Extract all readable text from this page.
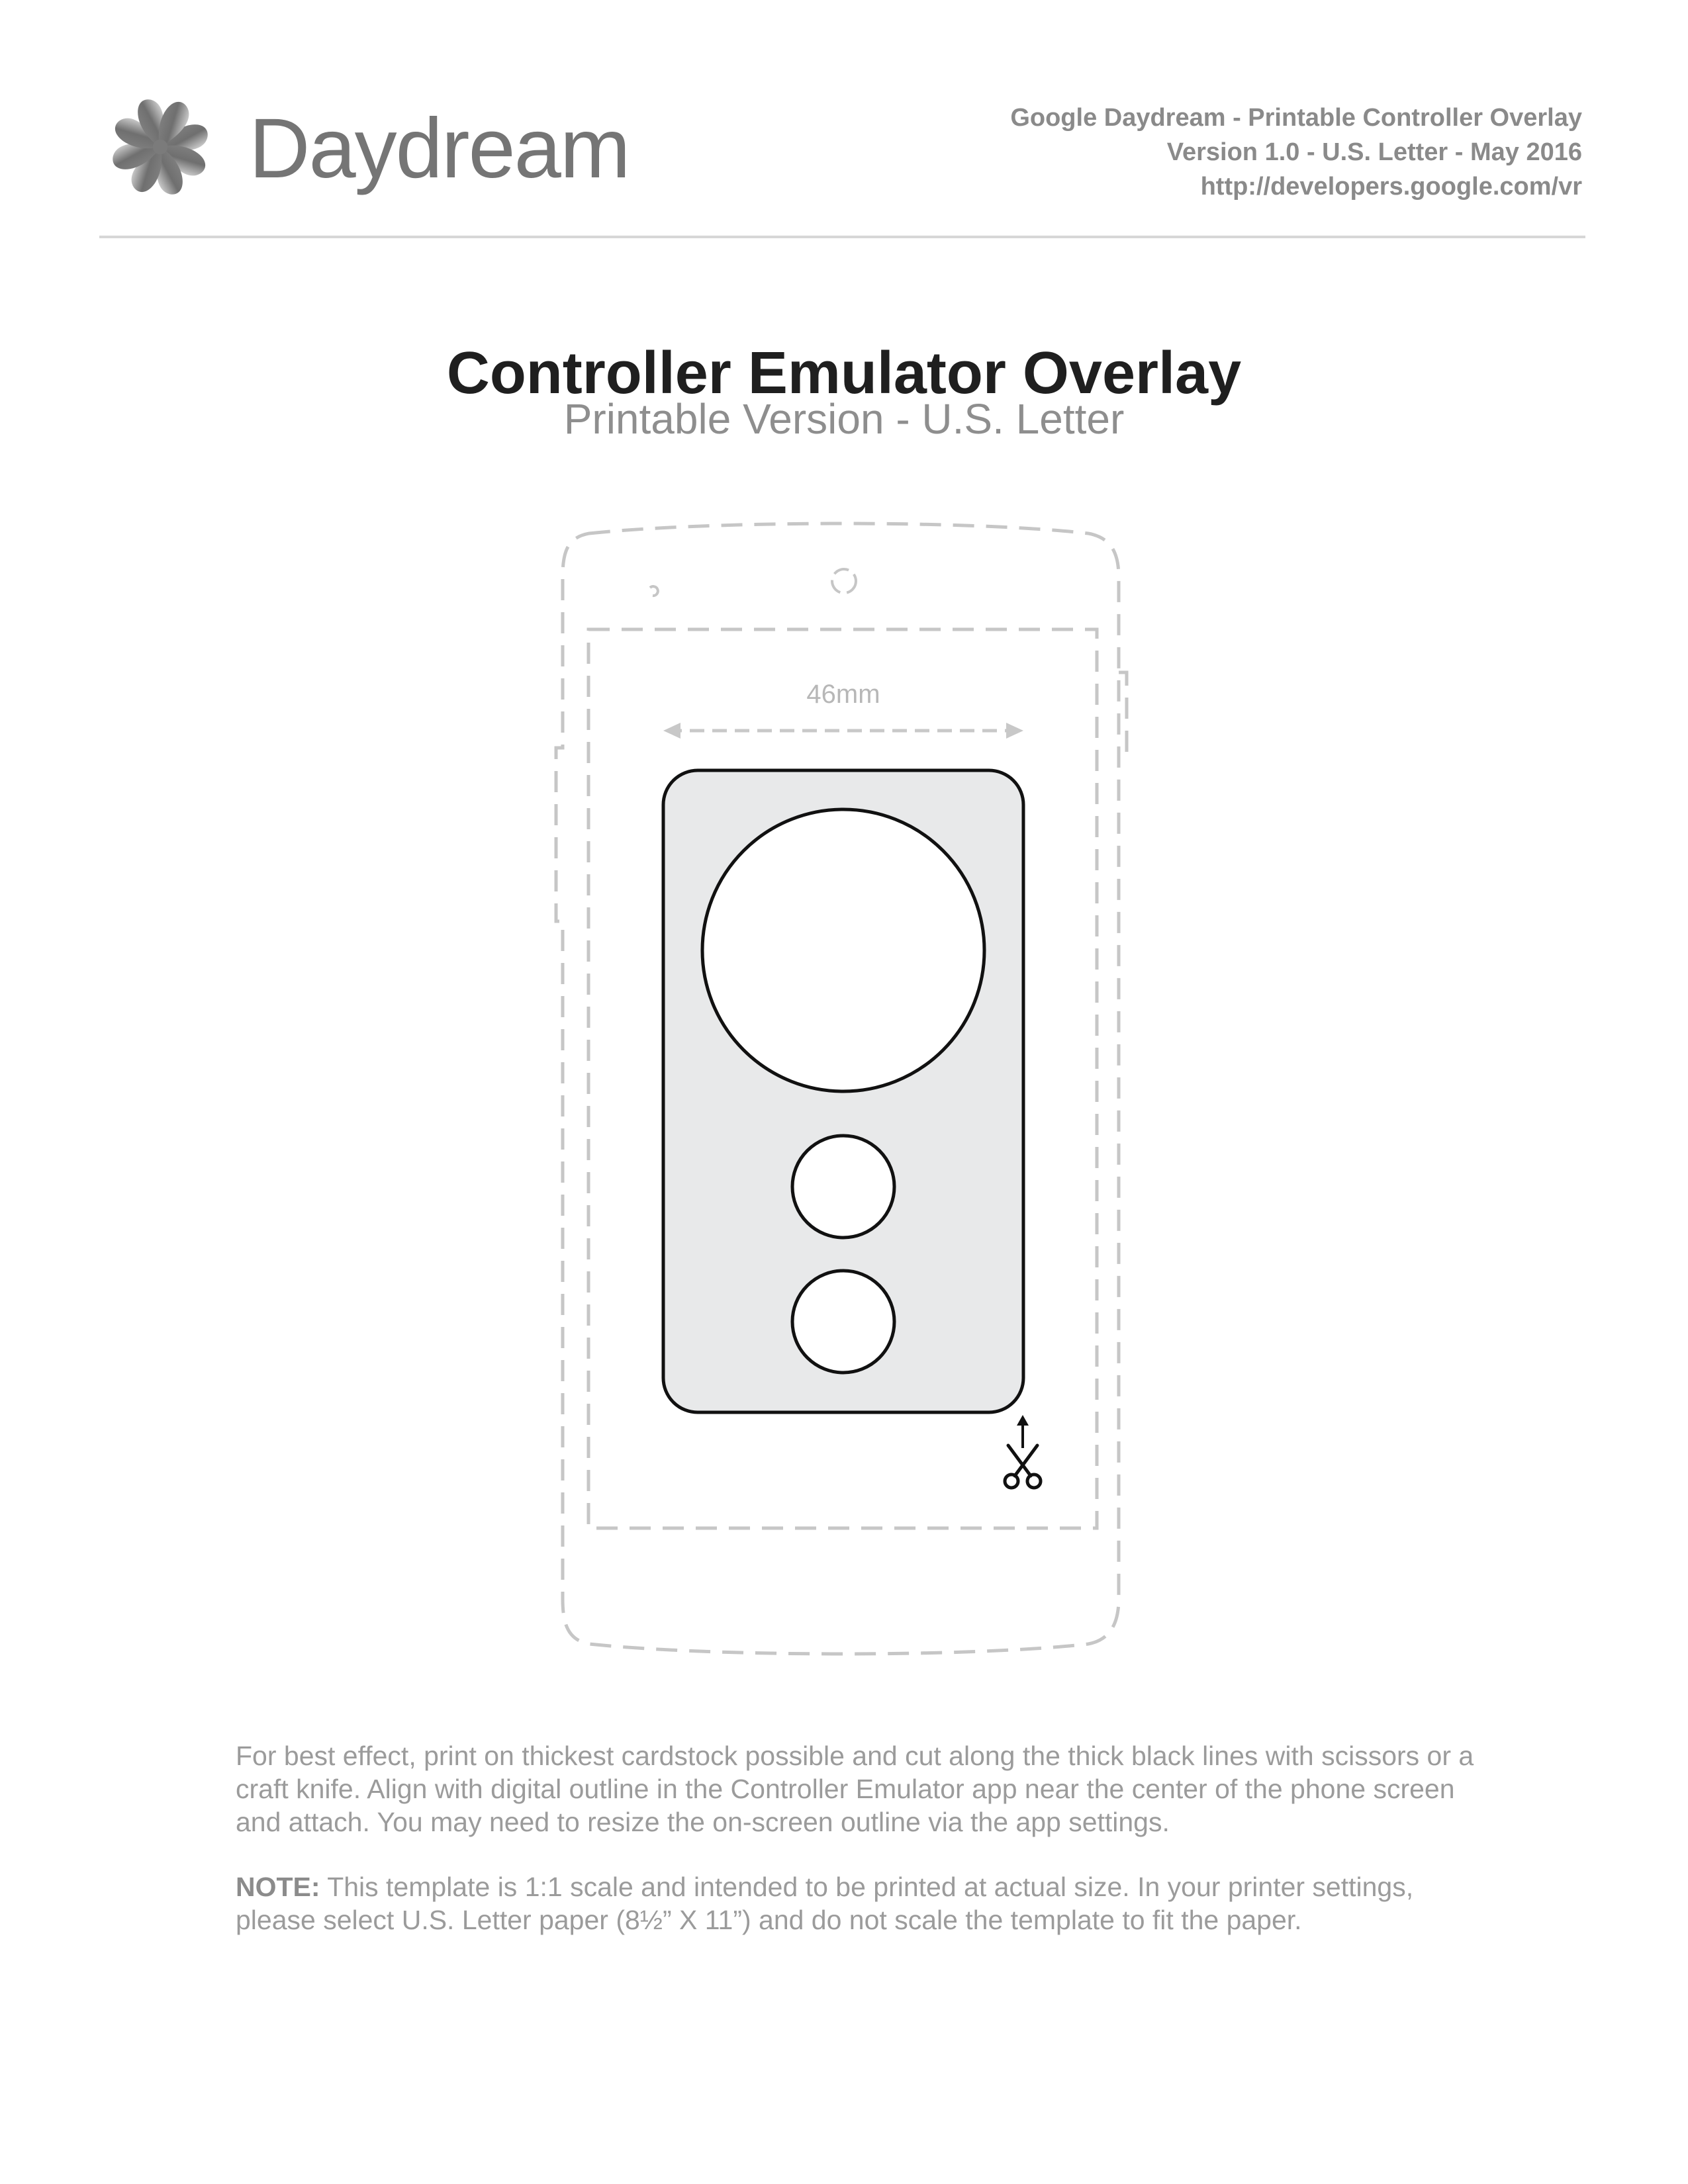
Daydream	Google Daydream - Printable Controller Overlay
Version 1.0 - U.S. Letter - May 2016
http://developers.google.com/vr
Controller Emulator Overlay
Printable Version - U.S. Letter
46mm

For best effect, print on thickest cardstock possible and cut along the thick black lines with scissors or a craft knife. Align with digital outline in the Controller Emulator app near the center of the phone screen and attach. You may need to resize the on-screen outline via the app settings.

NOTE: This template is 1:1 scale and intended to be printed at actual size. In your printer settings, please select U.S. Letter paper (8½” X 11”) and do not scale the template to fit the paper.
